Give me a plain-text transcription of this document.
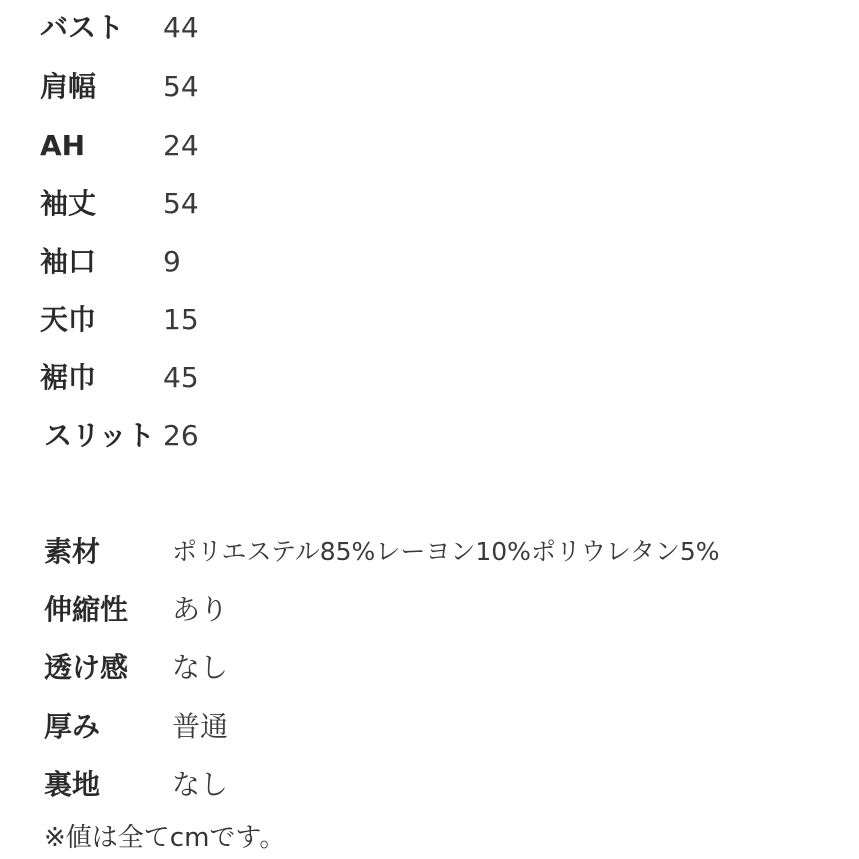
バスト 44
肩幅 54
AH	24
袖丈 54
袖口 9
天巾 15
裾巾 45
スリット 26
素材	ポリエステル85%レーヨン10%ポリウレタン5%
伸縮性 あり
透け感 なし
厚み	普通
裏地	なし
※値は全てcmです。
